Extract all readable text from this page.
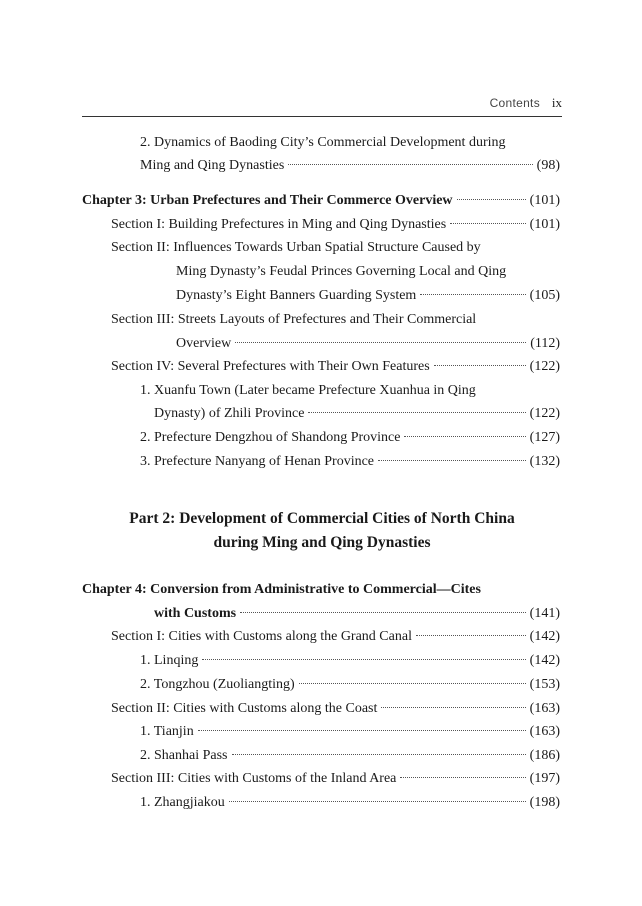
Contents ix
2. Dynamics of Baoding City’s Commercial Development during
Ming and Qing Dynasties	(98)
Chapter 3: Urban Prefectures and Their Commerce Overview	(101)
Section I: Building Prefectures in Ming and Qing Dynasties	(101)
Section II: Influences Towards Urban Spatial Structure Caused by
Ming Dynasty’s Feudal Princes Governing Local and Qing
Dynasty’s Eight Banners Guarding System	(105)
Section III: Streets Layouts of Prefectures and Their Commercial
Overview	(112)
Section IV: Several Prefectures with Their Own Features	(122)
1. Xuanfu Town (Later became Prefecture Xuanhua in Qing
Dynasty) of Zhili Province	(122)
2. Prefecture Dengzhou of Shandong Province	(127)
3. Prefecture Nanyang of Henan Province	(132)
Part 2: Development of Commercial Cities of North China
during Ming and Qing Dynasties
Chapter 4: Conversion from Administrative to Commercial—Cites
with Customs	(141)
Section I: Cities with Customs along the Grand Canal	(142)
1. Linqing	(142)
2. Tongzhou (Zuoliangting)	(153)
Section II: Cities with Customs along the Coast	(163)
1. Tianjin	(163)
2. Shanhai Pass	(186)
Section III: Cities with Customs of the Inland Area	(197)
1. Zhangjiakou	(198)
